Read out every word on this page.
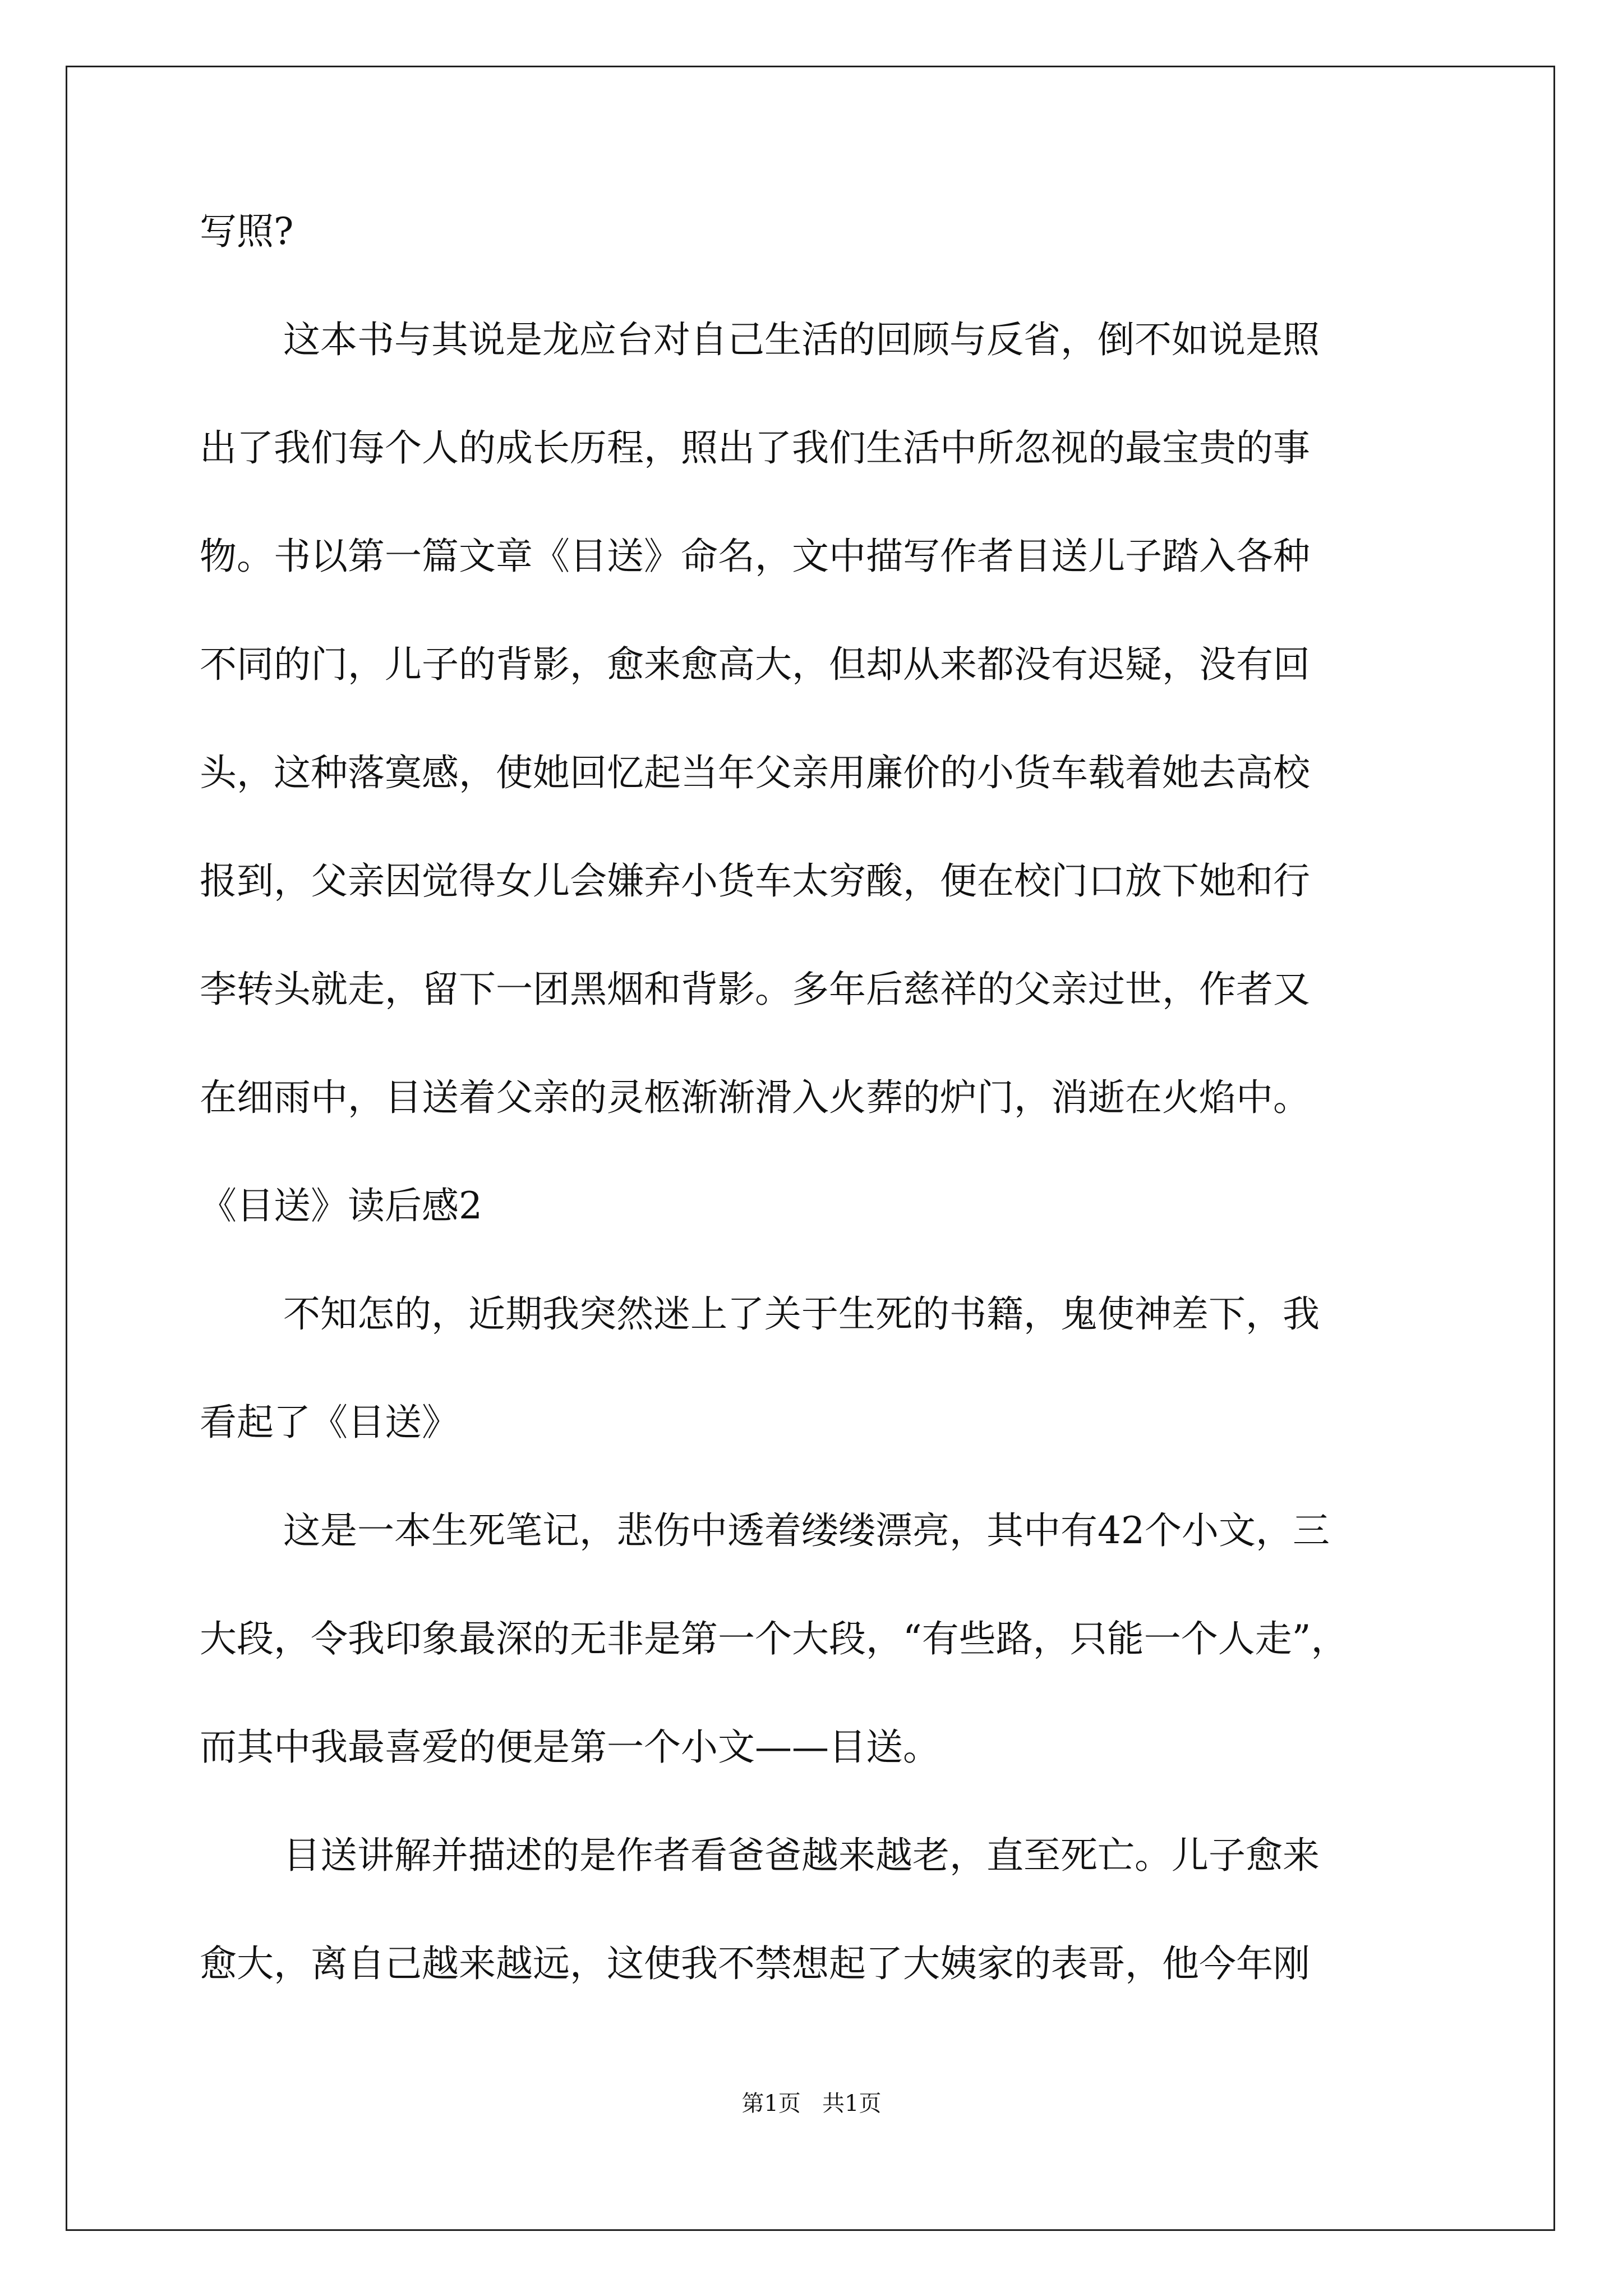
写照?
这本书与其说是龙应台对自己生活的回顾与反省，倒不如说是照
出了我们每个人的成长历程，照出了我们生活中所忽视的最宝贵的事
物。书以第一篇文章《目送》命名，文中描写作者目送儿子踏入各种
不同的门，儿子的背影，愈来愈高大，但却从来都没有迟疑，没有回
头，这种落寞感，使她回忆起当年父亲用廉价的小货车载着她去高校
报到，父亲因觉得女儿会嫌弃小货车太穷酸，便在校门口放下她和行
李转头就走，留下一团黑烟和背影。多年后慈祥的父亲过世，作者又
在细雨中，目送着父亲的灵柩渐渐滑入火葬的炉门，消逝在火焰中。
《目送》读后感2
不知怎的，近期我突然迷上了关于生死的书籍，鬼使神差下，我
看起了《目送》
这是一本生死笔记，悲伤中透着缕缕漂亮，其中有42个小文，三
大段，令我印象最深的无非是第一个大段，“有些路，只能一个人走”，
而其中我最喜爱的便是第一个小文——目送。
目送讲解并描述的是作者看爸爸越来越老，直至死亡。儿子愈来
愈大，离自己越来越远，这使我不禁想起了大姨家的表哥，他今年刚
第1页   共1页
